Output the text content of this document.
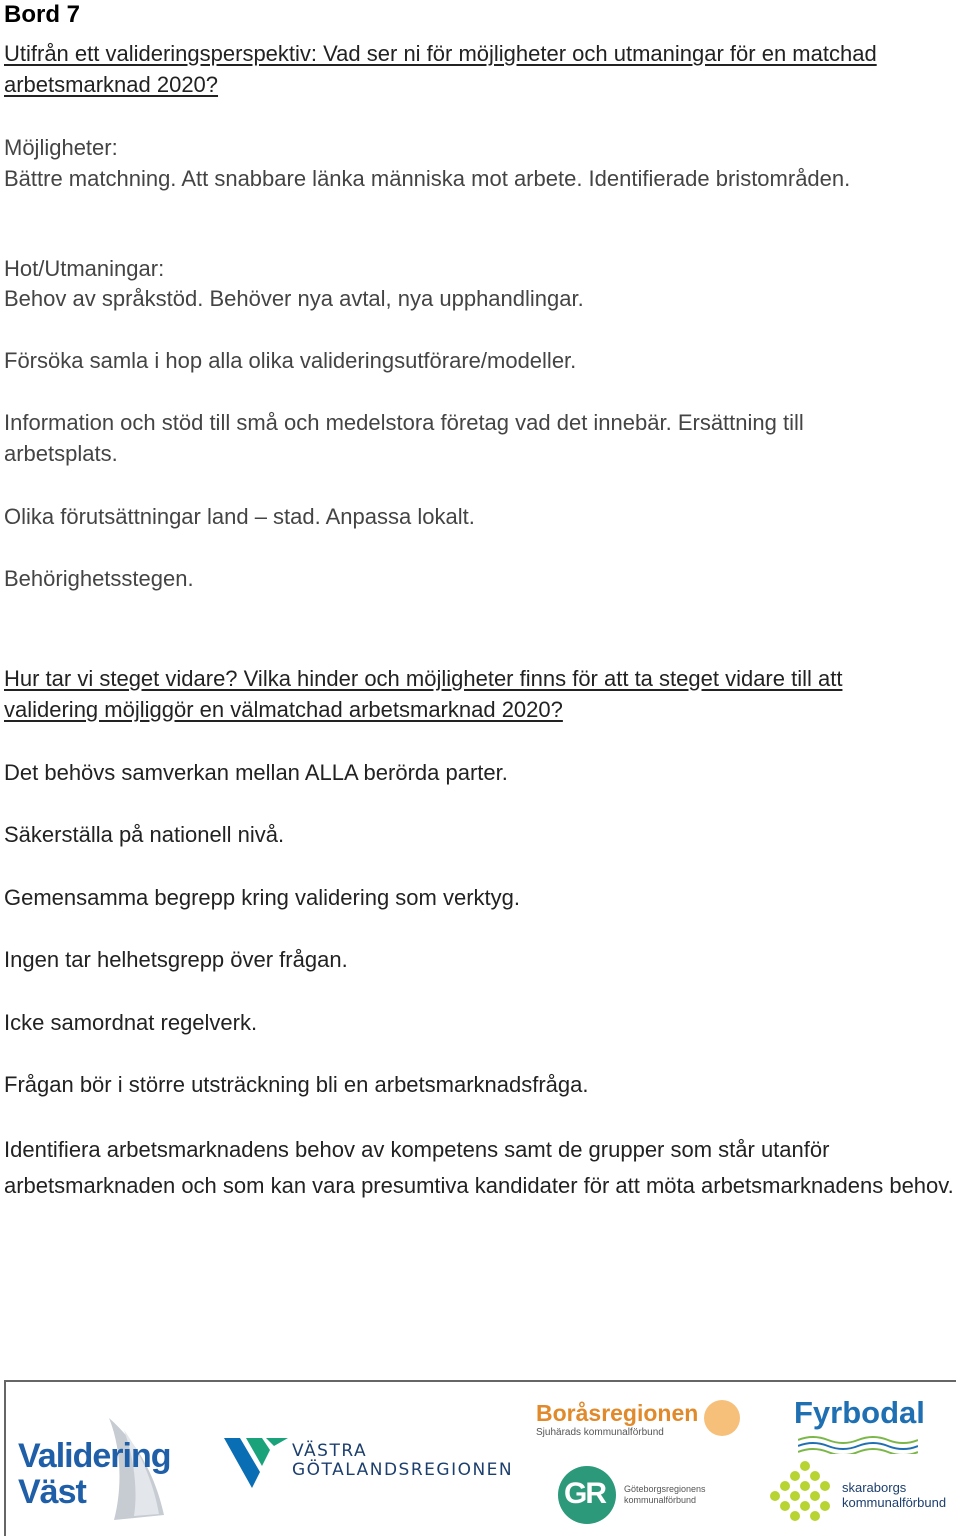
Bord 7
Utifrån ett valideringsperspektiv: Vad ser ni för möjligheter och utmaningar för en matchad arbetsmarknad 2020?
Möjligheter:
Bättre matchning. Att snabbare länka människa mot arbete. Identifierade bristområden.
Hot/Utmaningar:
Behov av språkstöd. Behöver nya avtal, nya upphandlingar.
Försöka samla i hop alla olika valideringsutförare/modeller.
Information och stöd till små och medelstora företag vad det innebär. Ersättning till arbetsplats.
Olika förutsättningar land – stad. Anpassa lokalt.
Behörighetsstegen.
Hur tar vi steget vidare? Vilka hinder och möjligheter finns för att ta steget vidare till att validering möjliggör en välmatchad arbetsmarknad 2020?
Det behövs samverkan mellan ALLA berörda parter.
Säkerställa på nationell nivå.
Gemensamma begrepp kring validering som verktyg.
Ingen tar helhetsgrepp över frågan.
Icke samordnat regelverk.
Frågan bör i större utsträckning bli en arbetsmarknadsfråga.
Identifiera arbetsmarknadens behov av kompetens samt de grupper som står utanför arbetsmarknaden och som kan vara presumtiva kandidater för att möta arbetsmarknadens behov.
Validering Väst
VÄSTRA GÖTALANDSREGIONEN
Boråsregionen
Sjuhärads kommunalförbund
GR Göteborgsregionens kommunalförbund
Fyrbodal
skaraborgs kommunalförbund
